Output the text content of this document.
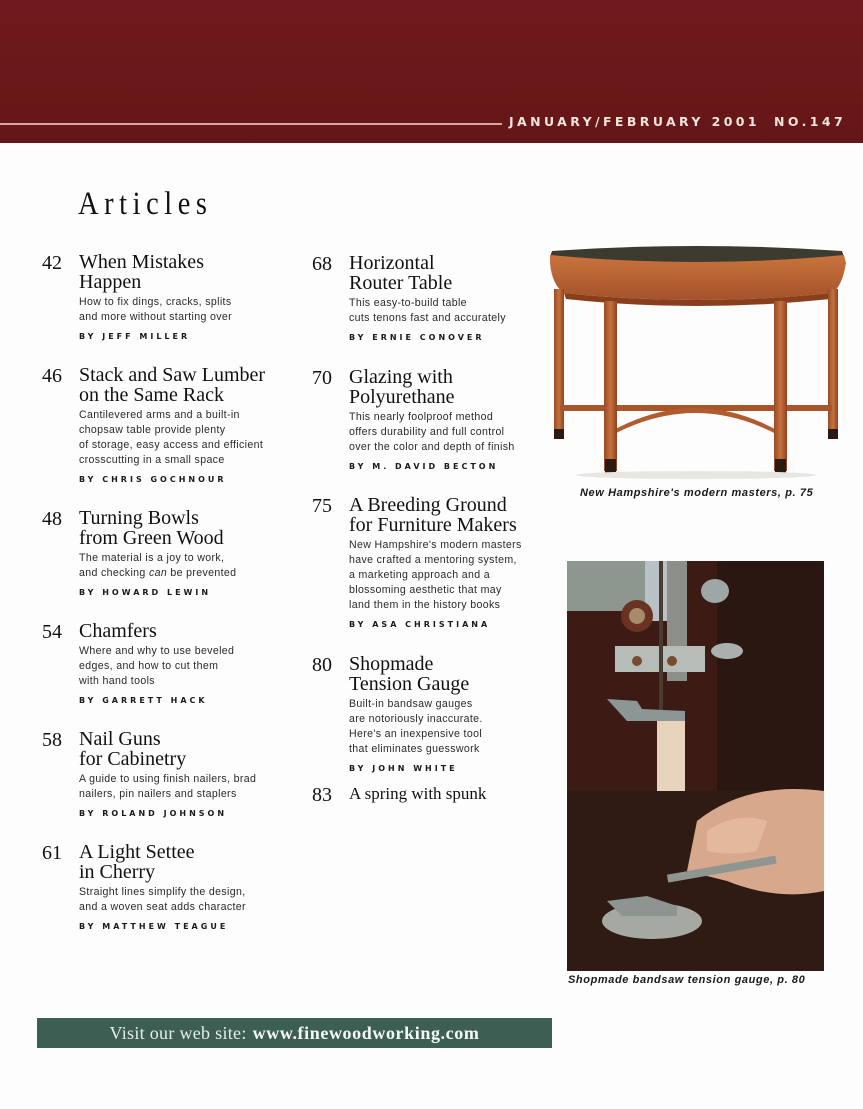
JANUARY/FEBRUARY 2001 NO.147
Articles
42 When Mistakes
Happen
How to fix dings, cracks, splits
and more without starting over
BY JEFF MILLER
46 Stack and Saw Lumber
on the Same Rack
Cantilevered arms and a built-in
chopsaw table provide plenty
of storage, easy access and efficient
crosscutting in a small space
BY CHRIS GOCHNOUR
48 Turning Bowls
from Green Wood
The material is a joy to work,
and checking can be prevented
BY HOWARD LEWIN
54 Chamfers
Where and why to use beveled
edges, and how to cut them
with hand tools
BY GARRETT HACK
58 Nail Guns
for Cabinetry
A guide to using finish nailers, brad
nailers, pin nailers and staplers
BY ROLAND JOHNSON
61 A Light Settee
in Cherry
Straight lines simplify the design,
and a woven seat adds character
BY MATTHEW TEAGUE
68 Horizontal
Router Table
This easy-to-build table
cuts tenons fast and accurately
BY ERNIE CONOVER
70 Glazing with
Polyurethane
This nearly foolproof method
offers durability and full control
over the color and depth of finish
BY M. DAVID BECTON
75 A Breeding Ground
for Furniture Makers
New Hampshire's modern masters
have crafted a mentoring system,
a marketing approach and a
blossoming aesthetic that may
land them in the history books
BY ASA CHRISTIANA
80 Shopmade
Tension Gauge
Built-in bandsaw gauges
are notoriously inaccurate.
Here's an inexpensive tool
that eliminates guesswork
BY JOHN WHITE
83	A spring with spunk
New Hampshire's modern masters, p. 75
Shopmade bandsaw tension gauge, p. 80
Visit our web site: www.finewoodworking.com
